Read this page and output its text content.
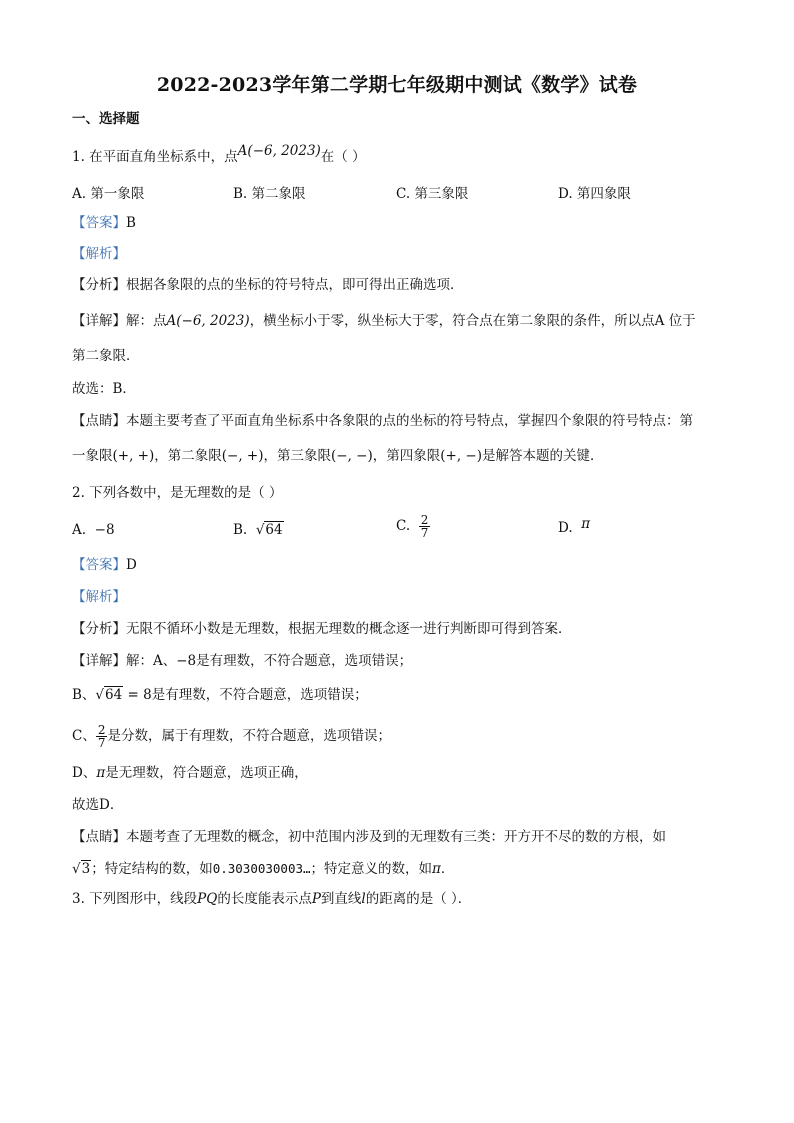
2022-2023学年第二学期七年级期中测试《数学》试卷
一、选择题
1. 在平面直角坐标系中，点A(−6, 2023)在（ ）
A. 第一象限	B. 第二象限	C. 第三象限	D. 第四象限
【答案】B
【解析】
【分析】根据各象限的点的坐标的符号特点，即可得出正确选项．
【详解】解：点A(−6, 2023)，横坐标小于零，纵坐标大于零，符合点在第二象限的条件，所以点A 位于
第二象限．
故选：B．
【点睛】本题主要考查了平面直角坐标系中各象限的点的坐标的符号特点，掌握四个象限的符号特点：第
一象限(+, +)，第二象限(−, +)，第三象限(−, −)，第四象限(+, −)是解答本题的关键．
2. 下列各数中，是无理数的是（ ）
A. −8	B. √64	C. $\frac{2}{7}$	D. π
【答案】D
【解析】
【分析】无限不循环小数是无理数，根据无理数的概念逐一进行判断即可得到答案．
【详解】解：A、−8是有理数，不符合题意，选项错误；
B、√64 = 8是有理数，不符合题意，选项错误；
C、 $\frac{2}{7}$ 是分数，属于有理数，不符合题意，选项错误；
D、π是无理数，符合题意，选项正确，
故选D．
【点睛】本题考查了无理数的概念，初中范围内涉及到的无理数有三类：开方开不尽的数的方根，如
√3；特定结构的数，如0.3030030003…；特定意义的数，如π．
3. 下列图形中，线段PQ的长度能表示点P到直线l的距离的是（ ）．
